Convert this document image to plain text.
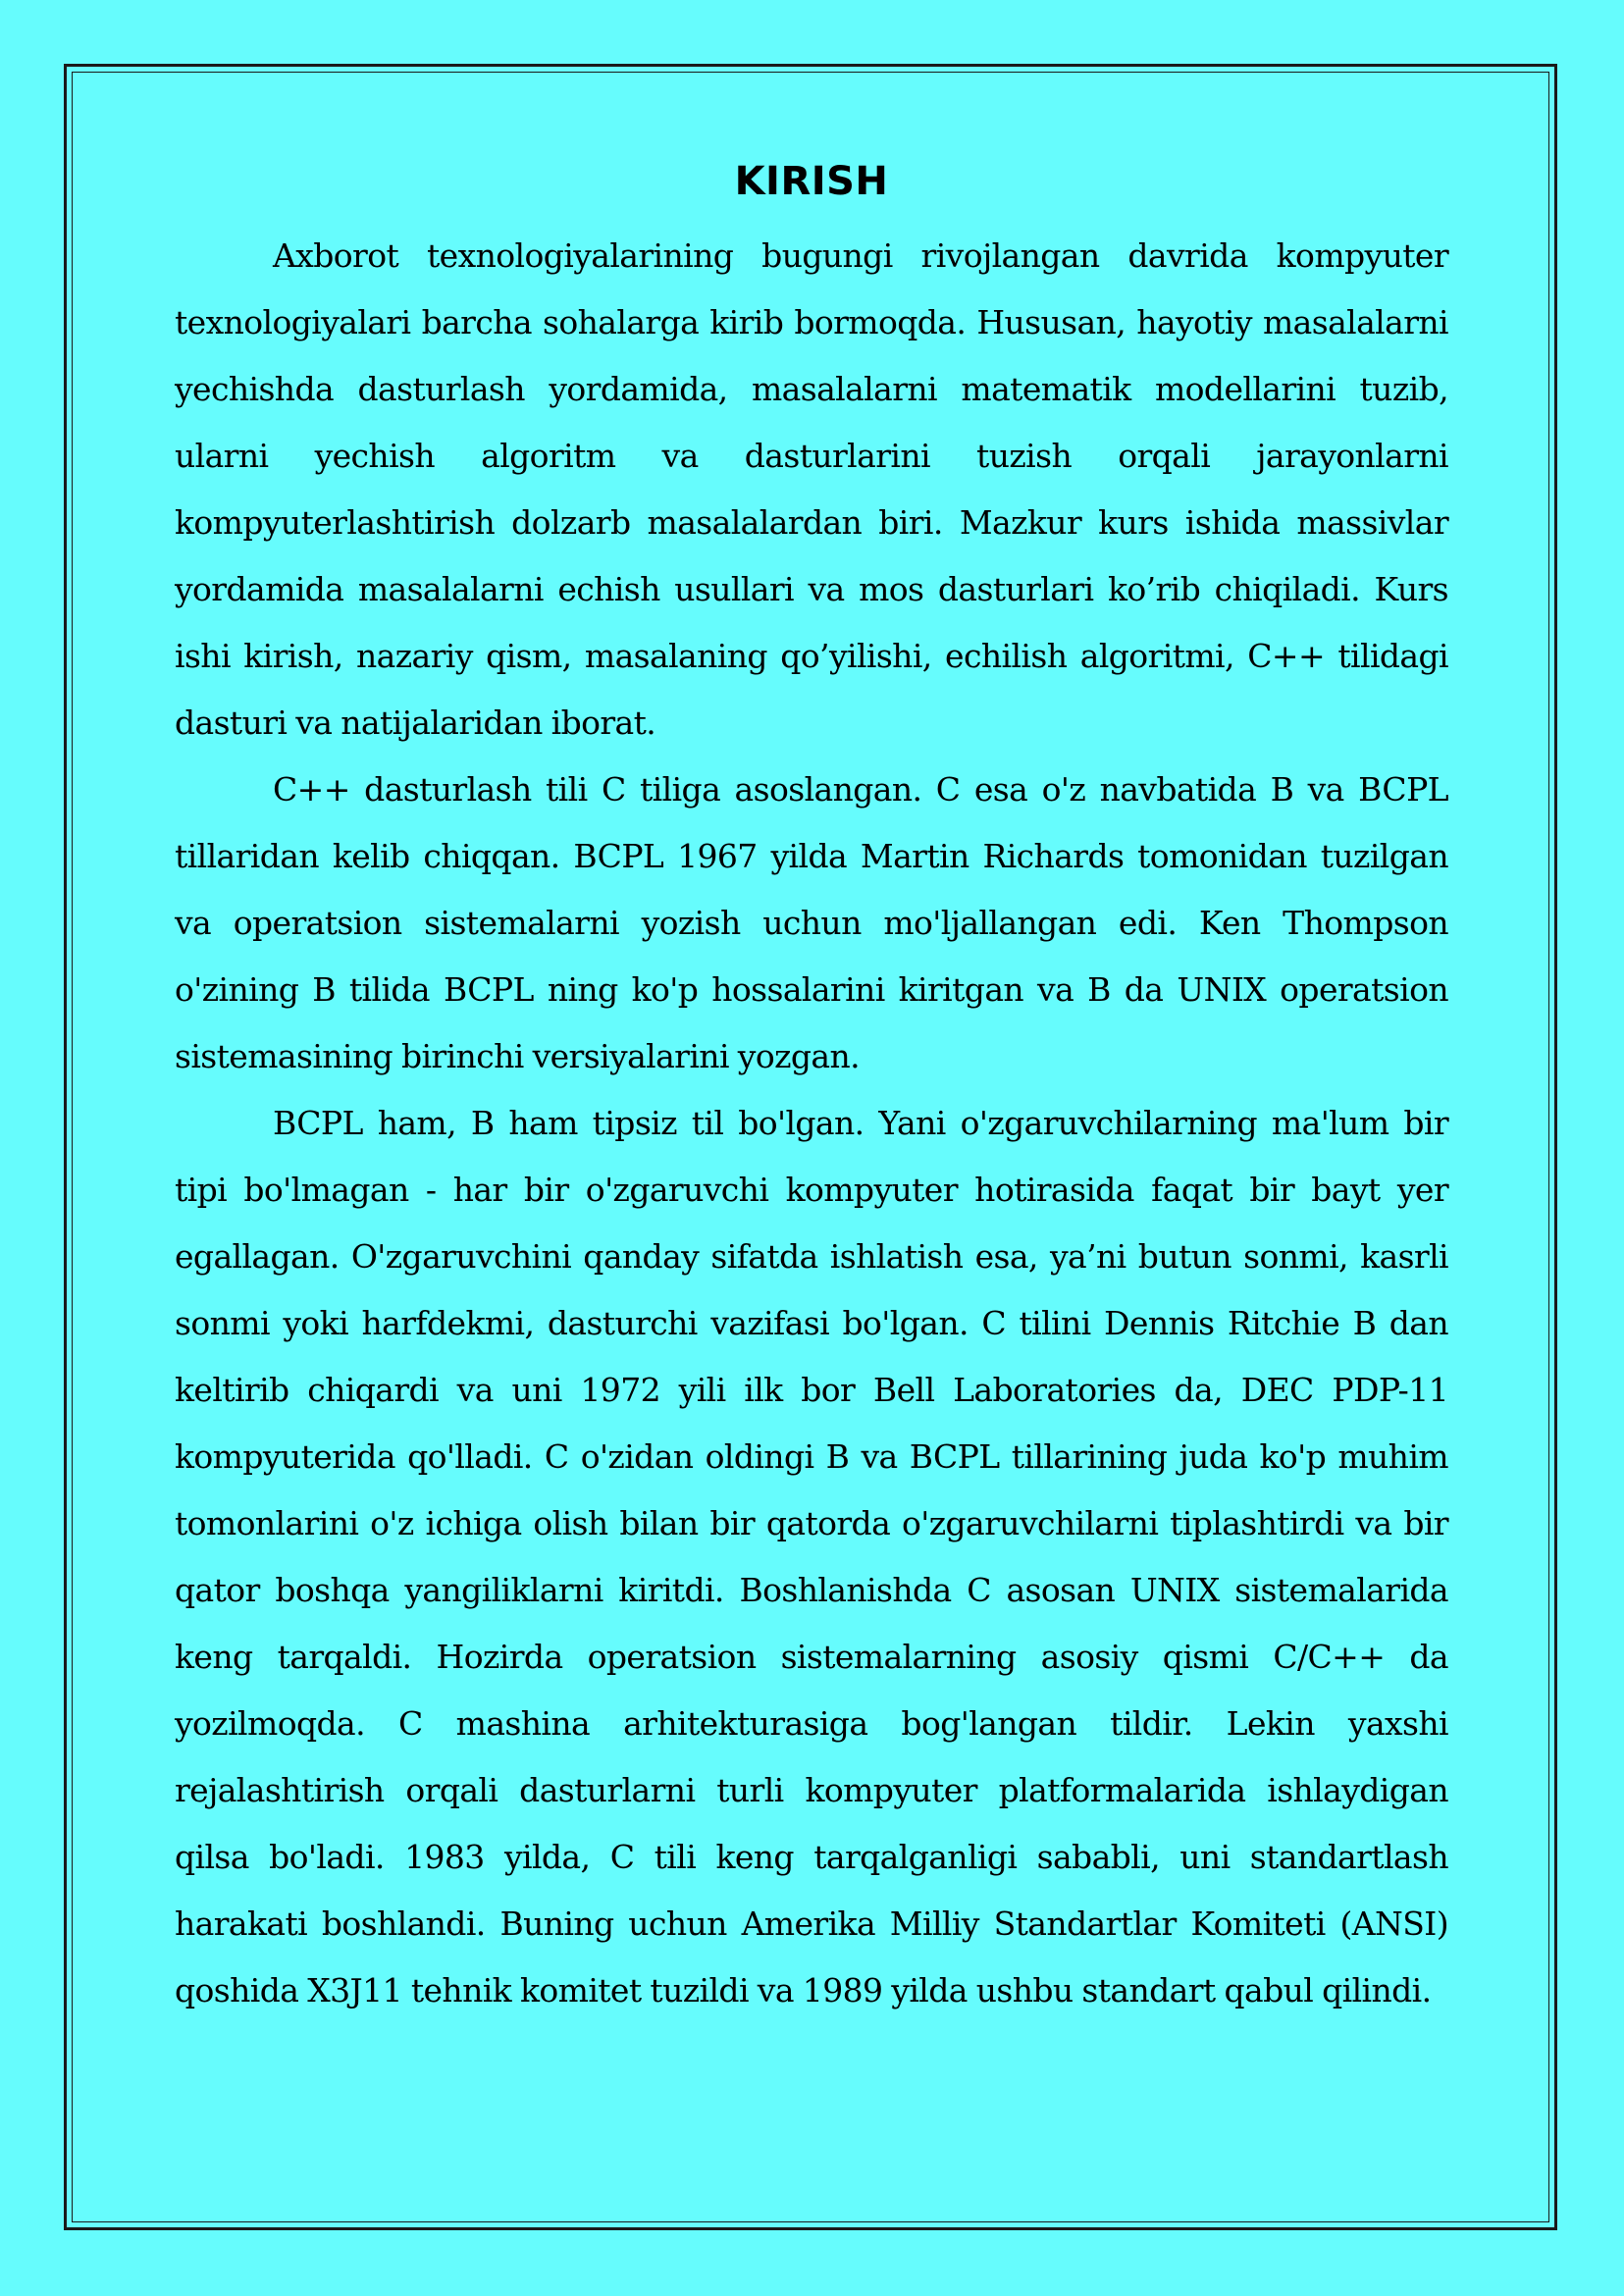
KIRISH

Axborot texnologiyalarining bugungi rivojlangan davrida kompyuter texnologiyalari barcha sohalarga kirib bormoqda. Hususan, hayotiy masalalarni yechishda dasturlash yordamida, masalalarni matematik modellarini tuzib, ularni yechish algoritm va dasturlarini tuzish orqali jarayonlarni kompyuterlashtirish dolzarb masalalardan biri. Mazkur kurs ishida massivlar yordamida masalalarni echish usullari va mos dasturlari ko’rib chiqiladi. Kurs ishi kirish, nazariy qism, masalaning qo’yilishi, echilish algoritmi, C++ tilidagi dasturi va natijalaridan iborat.

C++ dasturlash tili C tiliga asoslangan. C esa o'z navbatida B va BCPL tillaridan kelib chiqqan. BCPL 1967 yilda Martin Richards tomonidan tuzilgan va operatsion sistemalarni yozish uchun mo'ljallangan edi. Ken Thompson o'zining B tilida BCPL ning ko'p hossalarini kiritgan va B da UNIX operatsion sistemasining birinchi versiyalarini yozgan.

BCPL ham, B ham tipsiz til bo'lgan. Yani o'zgaruvchilarning ma'lum bir tipi bo'lmagan - har bir o'zgaruvchi kompyuter hotirasida faqat bir bayt yer egallagan. O'zgaruvchini qanday sifatda ishlatish esa, ya’ni butun sonmi, kasrli sonmi yoki harfdekmi, dasturchi vazifasi bo'lgan. C tilini Dennis Ritchie B dan keltirib chiqardi va uni 1972 yili ilk bor Bell Laboratories da, DEC PDP-11 kompyuterida qo'lladi. C o'zidan oldingi B va BCPL tillarining juda ko'p muhim tomonlarini o'z ichiga olish bilan bir qatorda o'zgaruvchilarni tiplashtirdi va bir qator boshqa yangiliklarni kiritdi. Boshlanishda C asosan UNIX sistemalarida keng tarqaldi. Hozirda operatsion sistemalarning asosiy qismi C/C++ da yozilmoqda. C mashina arhitekturasiga bog'langan tildir. Lekin yaxshi rejalashtirish orqali dasturlarni turli kompyuter platformalarida ishlaydigan qilsa bo'ladi. 1983 yilda, C tili keng tarqalganligi sababli, uni standartlash harakati boshlandi. Buning uchun Amerika Milliy Standartlar Komiteti (ANSI) qoshida X3J11 tehnik komitet tuzildi va 1989 yilda ushbu standart qabul qilindi.
